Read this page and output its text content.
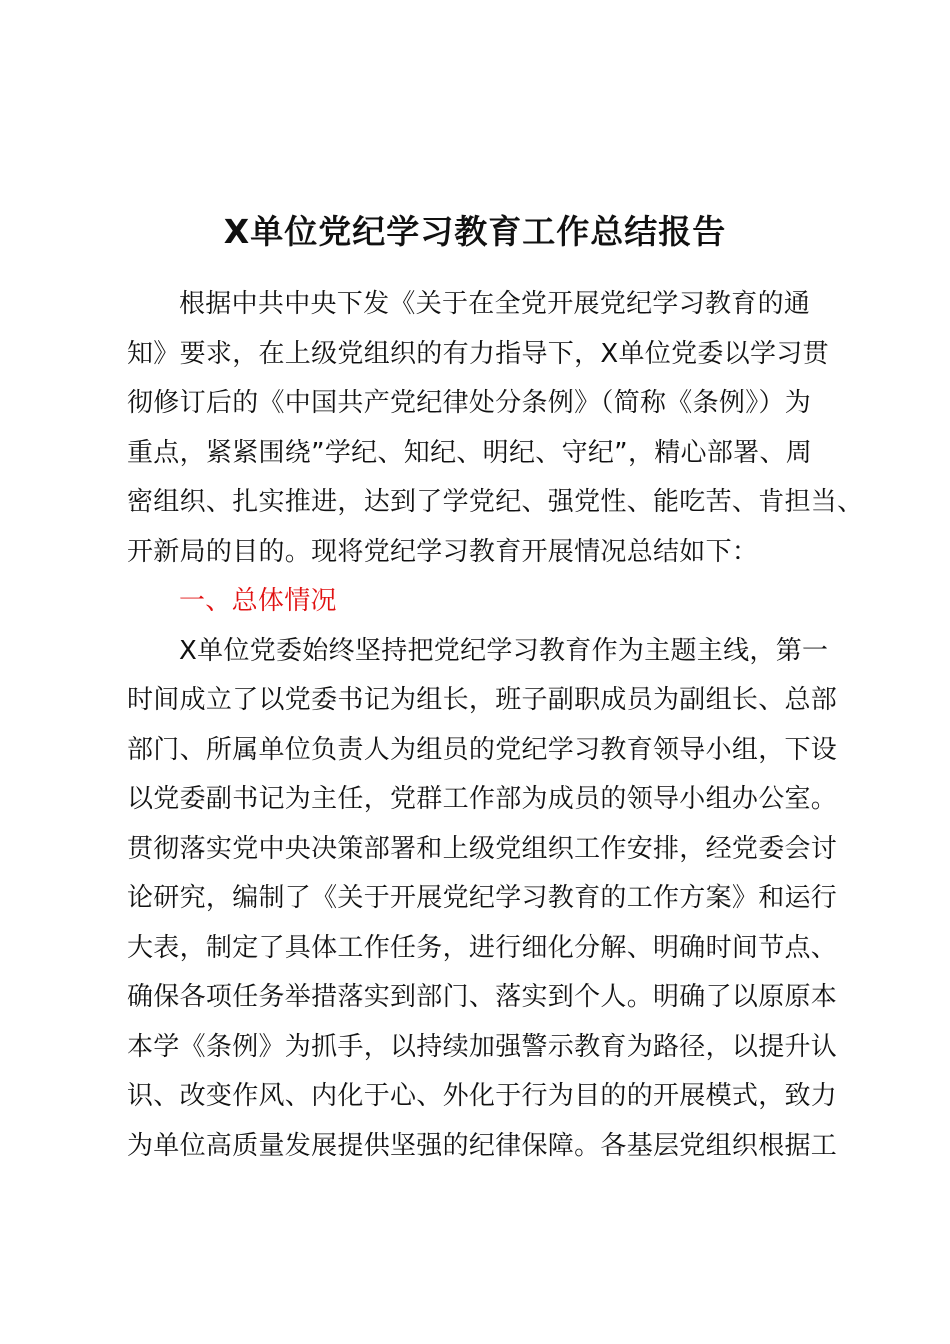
X单位党纪学习教育工作总结报告
根据中共中央下发《关于在全党开展党纪学习教育的通
知》要求，在上级党组织的有力指导下，X单位党委以学习贯
彻修订后的《中国共产党纪律处分条例》（简称《条例》）为
重点，紧紧围绕”学纪、知纪、明纪、守纪”，精心部署、周
密组织、扎实推进，达到了学党纪、强党性、能吃苦、肯担当、
开新局的目的。现将党纪学习教育开展情况总结如下：
一、总体情况
X单位党委始终坚持把党纪学习教育作为主题主线，第一
时间成立了以党委书记为组长，班子副职成员为副组长、总部
部门、所属单位负责人为组员的党纪学习教育领导小组，下设
以党委副书记为主任，党群工作部为成员的领导小组办公室。
贯彻落实党中央决策部署和上级党组织工作安排，经党委会讨
论研究，编制了《关于开展党纪学习教育的工作方案》和运行
大表，制定了具体工作任务，进行细化分解、明确时间节点、
确保各项任务举措落实到部门、落实到个人。明确了以原原本
本学《条例》为抓手，以持续加强警示教育为路径，以提升认
识、改变作风、内化于心、外化于行为目的的开展模式，致力
为单位高质量发展提供坚强的纪律保障。各基层党组织根据工
